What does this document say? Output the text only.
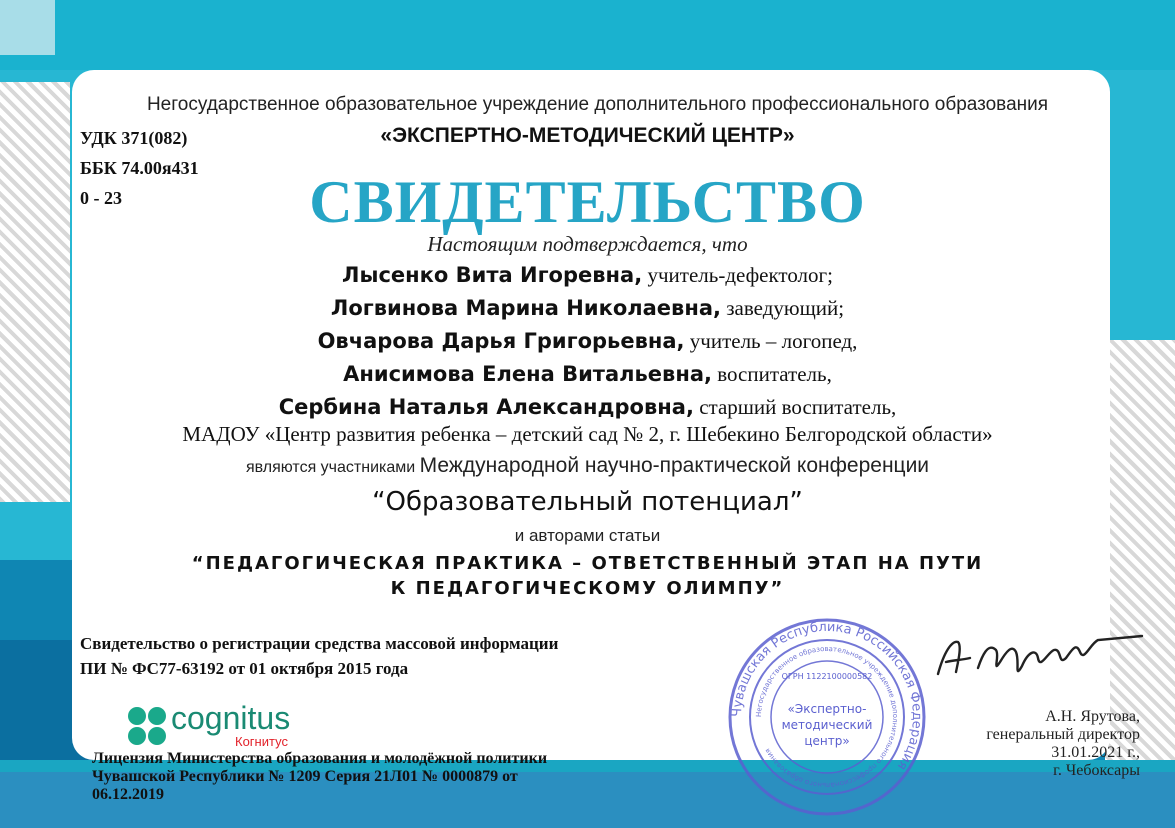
Негосударственное образовательное учреждение дополнительного профессионального образования
«ЭКСПЕРТНО-МЕТОДИЧЕСКИЙ ЦЕНТР»
УДК 371(082)
ББК 74.00я431
0 - 23	СВИДЕТЕЛЬСТВО
Настоящим подтверждается, что
Лысенко Вита Игоревна, учитель-дефектолог;
Логвинова Марина Николаевна, заведующий;
Овчарова Дарья Григорьевна, учитель – логопед,
Анисимова Елена Витальевна, воспитатель,
Сербина Наталья Александровна, старший воспитатель,
МАДОУ «Центр развития ребенка – детский сад № 2, г. Шебекино Белгородской области»
являются участниками Международной научно-практической конференции
“Образовательный потенциал”
и авторами статьи
“ПЕДАГОГИЧЕСКАЯ ПРАКТИКА – ОТВЕТСТВЕННЫЙ ЭТАП НА ПУТИ
К ПЕДАГОГИЧЕСКОМУ ОЛИМПУ”
Свидетельство о регистрации средства массовой информации
ПИ № ФС77-63192 от 01 октября 2015 года
cognitus
Когнитус
Лицензия Министерства образования и молодёжной политики
Чувашской Республики № 1209 Серия 21Л01 № 0000879 от
06.12.2019
Чувашская Республика Российская Федерация
Негосударственное образовательное учреждение дополнительного профессионального образования
ОГРН 1122100000582
«Экспертно-
методический
центр»
А.Н. Ярутова,
генеральный директор
31.01.2021 г.,
г. Чебоксары
